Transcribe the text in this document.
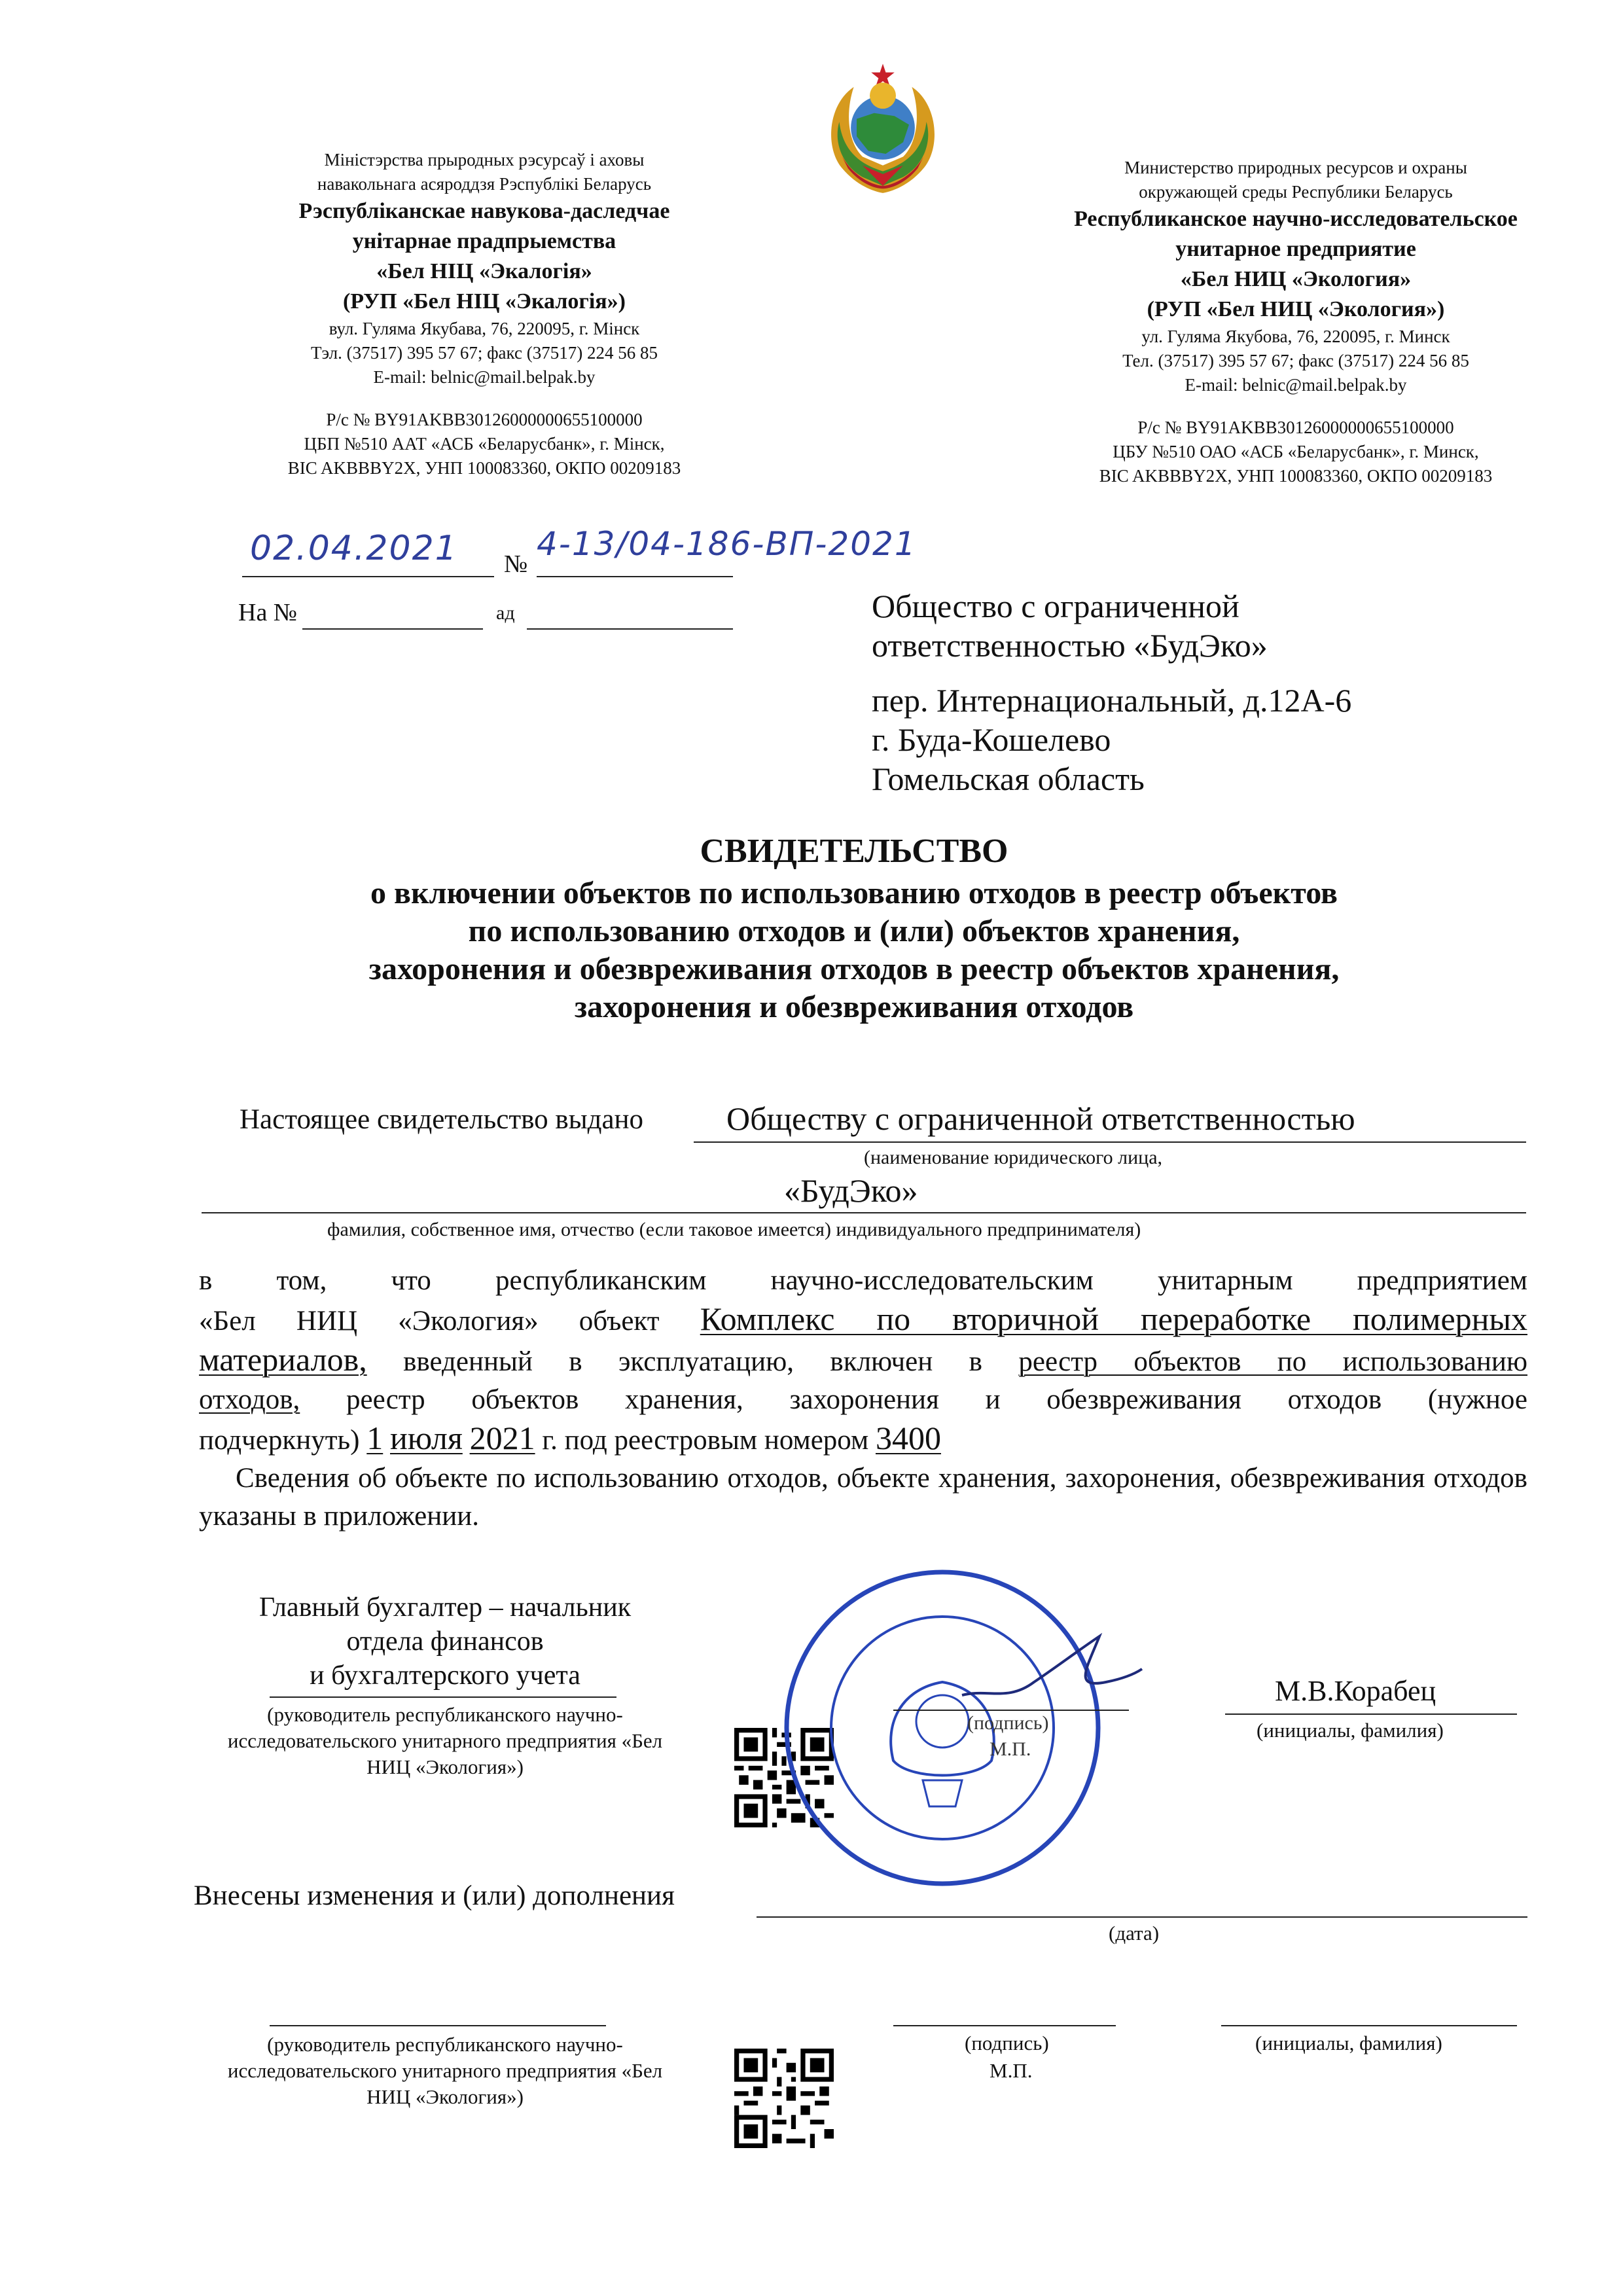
Міністэрства прыродных рэсурсаў і аховы навакольнага асяроддзя Рэспублікі Беларусь
Рэспубліканскае навукова-даследчае
унітарнае прадпрыемства
«Бел НІЦ «Экалогія»
(РУП «Бел НІЦ «Экалогія»)
вул. Гуляма Якубава, 76, 220095, г. Мінск
Тэл. (37517) 395 57 67; факс (37517) 224 56 85
E-mail: belnic@mail.belpak.by
Р/с № BY91AKBB30126000000655100000
ЦБП №510 ААТ «АСБ «Беларусбанк», г. Мінск,
BIC AKBBBY2X, УНП 100083360, ОКПО 00209183
Министерство природных ресурсов и охраны окружающей среды Республики Беларусь
Республиканское научно-исследовательское
унитарное предприятие
«Бел НИЦ «Экология»
(РУП «Бел НИЦ «Экология»)
ул. Гуляма Якубова, 76, 220095, г. Минск
Тел. (37517) 395 57 67; факс (37517) 224 56 85
E-mail: belnic@mail.belpak.by
Р/с № BY91AKBB30126000000655100000
ЦБУ №510 ОАО «АСБ «Беларусбанк», г. Минск,
BIC AKBBBY2X, УНП 100083360, ОКПО 00209183
02.04.2021 №
4-13/04-186-ВП-2021
На №	ад	Общество с ограниченной
ответственностью «БудЭко»
пер. Интернациональный, д.12А-6
г. Буда-Кошелево
Гомельская область
СВИДЕТЕЛЬСТВО
о включении объектов по использованию отходов в реестр объектов
по использованию отходов и (или) объектов хранения,
захоронения и обезвреживания отходов в реестр объектов хранения,
захоронения и обезвреживания отходов
Настоящее свидетельство выдано	Обществу с ограниченной ответственностью
(наименование юридического лица,
«БудЭко»
фамилия, собственное имя, отчество (если таковое имеется) индивидуального предпринимателя)
в том, что республиканским научно-исследовательским унитарным предприятием
«Бел НИЦ «Экология» объект Комплекс по вторичной переработке полимерных
материалов, введенный в эксплуатацию, включен в реестр объектов по использованию
отходов, реестр объектов хранения, захоронения и обезвреживания отходов (нужное
подчеркнуть) 1 июля 2021 г. под реестровым номером 3400
Сведения об объекте по использованию отходов, объекте хранения, захоронения, обезвреживания отходов указаны в приложении.
Главный бухгалтер – начальник
отдела финансов
и бухгалтерского учета
(руководитель республиканского научно-исследовательского унитарного предприятия «Бел НИЦ «Экология»)
(подпись)
М.П.
М.В.Корабец
(инициалы, фамилия)
Внесены изменения и (или) дополнения
(дата)
(руководитель республиканского научно-исследовательского унитарного предприятия «Бел НИЦ «Экология»)
(подпись)
М.П.
(инициалы, фамилия)
